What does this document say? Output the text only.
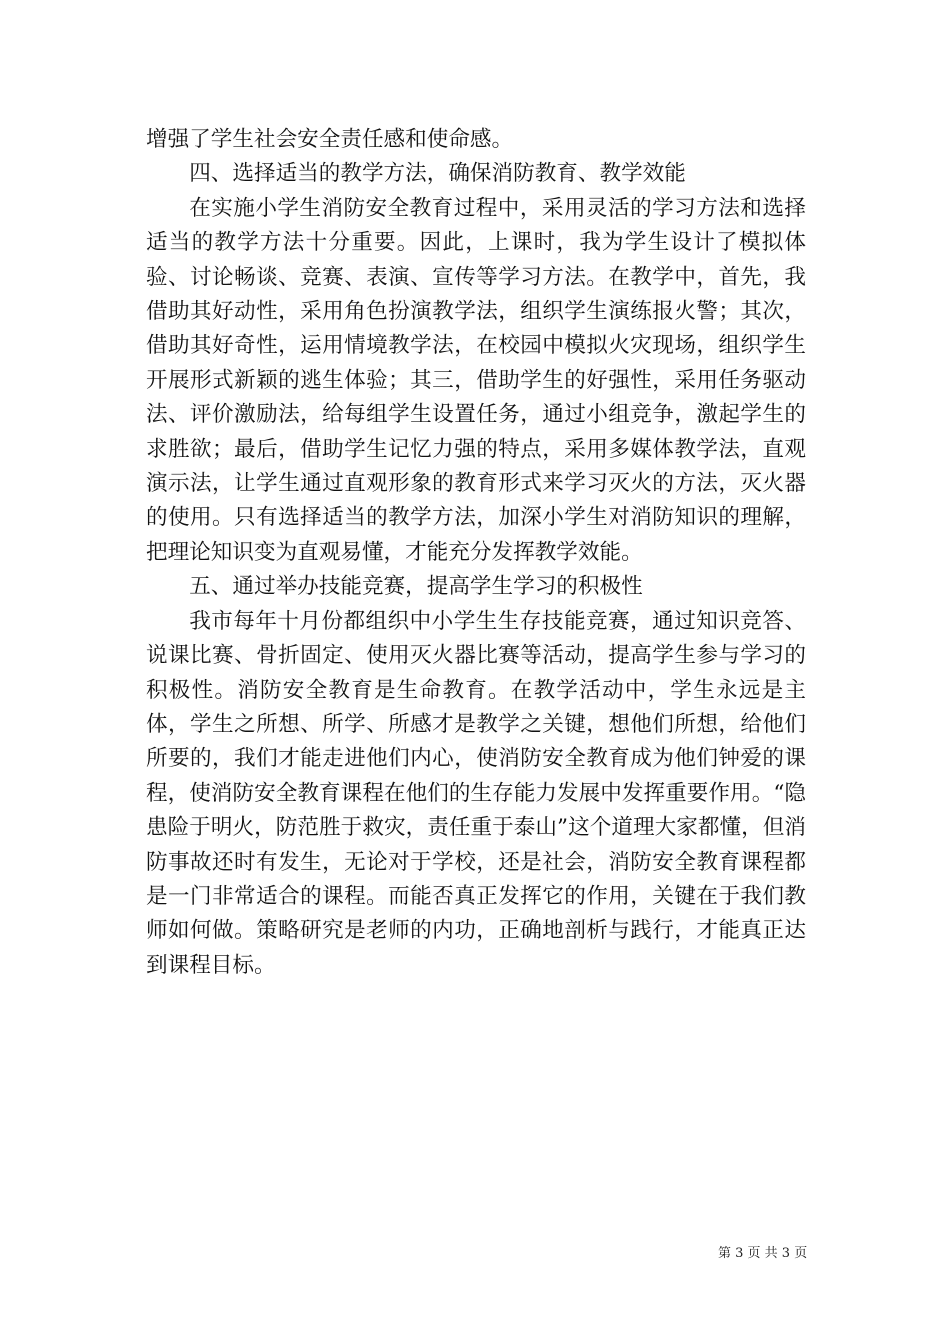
增强了学生社会安全责任感和使命感。

四、选择适当的教学方法，确保消防教育、教学效能

在实施小学生消防安全教育过程中，采用灵活的学习方法和选择适当的教学方法十分重要。因此，上课时，我为学生设计了模拟体验、讨论畅谈、竞赛、表演、宣传等学习方法。在教学中，首先，我借助其好动性，采用角色扮演教学法，组织学生演练报火警；其次，借助其好奇性，运用情境教学法，在校园中模拟火灾现场，组织学生开展形式新颖的逃生体验；其三，借助学生的好强性，采用任务驱动法、评价激励法，给每组学生设置任务，通过小组竞争，激起学生的求胜欲；最后，借助学生记忆力强的特点，采用多媒体教学法，直观演示法，让学生通过直观形象的教育形式来学习灭火的方法，灭火器的使用。只有选择适当的教学方法，加深小学生对消防知识的理解，把理论知识变为直观易懂，才能充分发挥教学效能。

五、通过举办技能竞赛，提高学生学习的积极性

我市每年十月份都组织中小学生生存技能竞赛，通过知识竞答、说课比赛、骨折固定、使用灭火器比赛等活动，提高学生参与学习的积极性。消防安全教育是生命教育。在教学活动中，学生永远是主体，学生之所想、所学、所感才是教学之关键，想他们所想，给他们所要的，我们才能走进他们内心，使消防安全教育成为他们钟爱的课程，使消防安全教育课程在他们的生存能力发展中发挥重要作用。“隐患险于明火，防范胜于救灾，责任重于泰山”这个道理大家都懂，但消防事故还时有发生，无论对于学校，还是社会，消防安全教育课程都是一门非常适合的课程。而能否真正发挥它的作用，关键在于我们教师如何做。策略研究是老师的内功，正确地剖析与践行，才能真正达到课程目标。

第 3 页 共 3 页
